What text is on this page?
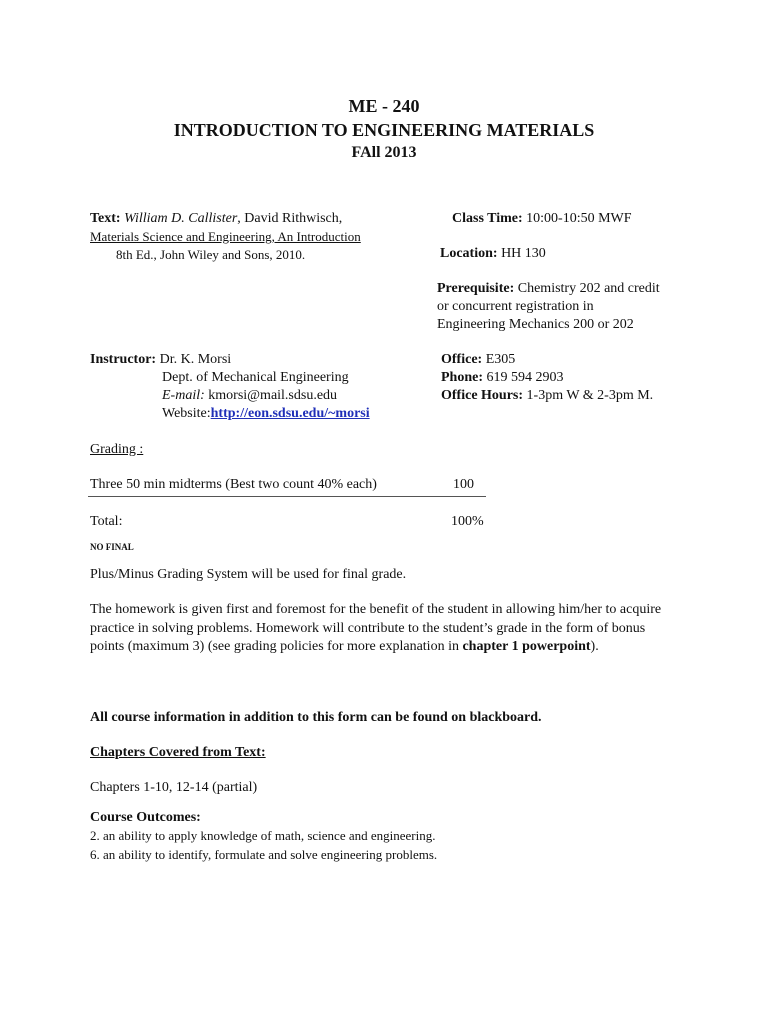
ME - 240
INTRODUCTION TO ENGINEERING MATERIALS
FAll 2013
Text: William D. Callister, David Rithwisch,
Materials Science and Engineering, An Introduction
8th Ed., John Wiley and Sons, 2010.
Class Time: 10:00-10:50 MWF
Location: HH 130
Prerequisite: Chemistry 202 and credit
or concurrent registration in
Engineering Mechanics 200 or 202
Instructor: Dr. K. Morsi
Dept. of Mechanical Engineering
E-mail: kmorsi@mail.sdsu.edu
Website:http://eon.sdsu.edu/~morsi
Office: E305
Phone: 619 594 2903
Office Hours: 1-3pm W & 2-3pm M.
Grading :
Three 50 min midterms (Best two count 40% each)	100
Total:	100%
NO FINAL
Plus/Minus Grading System will be used for final grade.
The homework is given first and foremost for the benefit of the student in allowing him/her to acquire practice in solving problems. Homework will contribute to the student’s grade in the form of bonus points (maximum 3) (see grading policies for more explanation in chapter 1 powerpoint).
All course information in addition to this form can be found on blackboard.
Chapters Covered from Text:
Chapters 1-10, 12-14 (partial)
Course Outcomes:
2. an ability to apply knowledge of math, science and engineering.
6. an ability to identify, formulate and solve engineering problems.
